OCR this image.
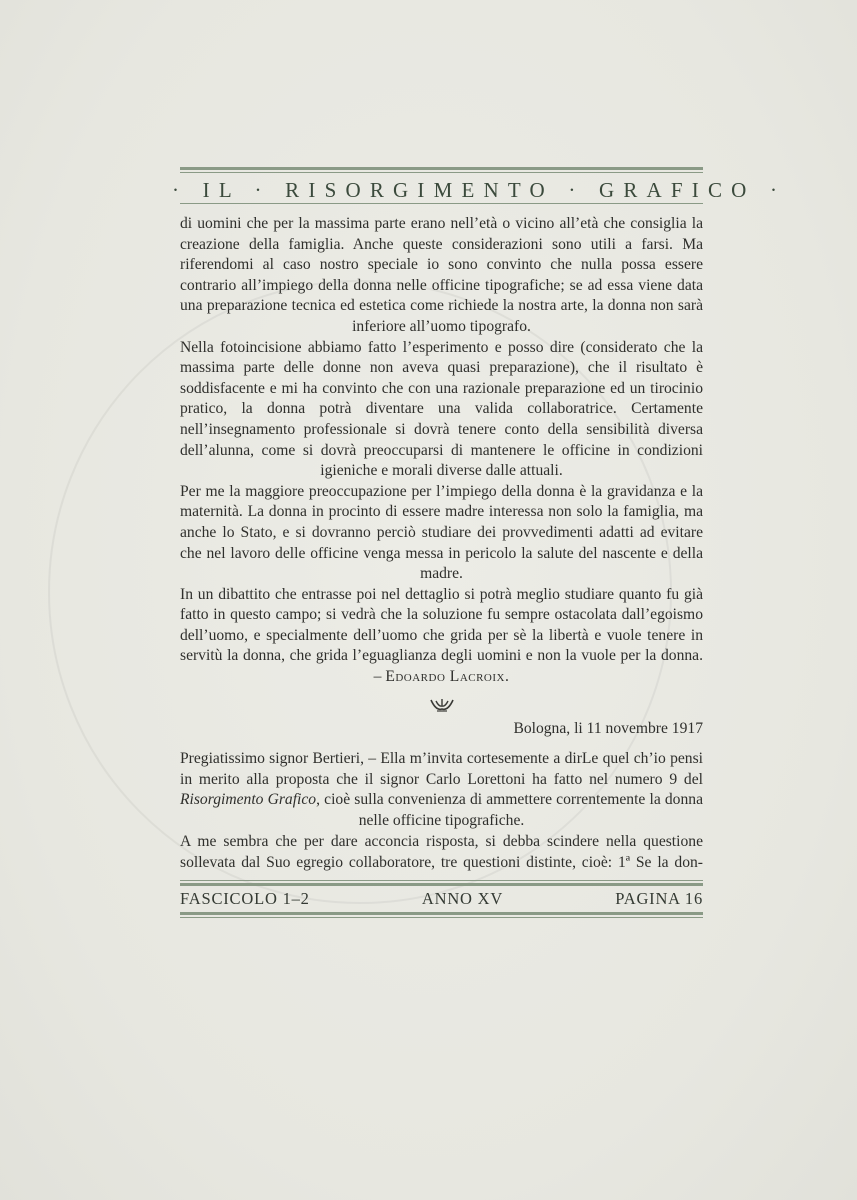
· IL · RISORGIMENTO · GRAFICO ·

di uomini che per la massima parte erano nell’età o vicino all’età che consiglia la creazione della famiglia. Anche queste considerazioni sono utili a farsi. Ma riferendomi al caso nostro speciale io sono convinto che nulla possa essere contrario all’impiego della donna nelle officine tipografiche; se ad essa viene data una preparazione tecnica ed estetica come richiede la nostra arte, la donna non sarà inferiore all’uomo tipografo.

Nella fotoincisione abbiamo fatto l’esperimento e posso dire (considerato che la massima parte delle donne non aveva quasi preparazione), che il risultato è soddisfacente e mi ha convinto che con una razionale preparazione ed un tirocinio pratico, la donna potrà diventare una valida collaboratrice. Certamente nell’insegnamento professionale si dovrà tenere conto della sensibilità diversa dell’alunna, come si dovrà preoccuparsi di mantenere le officine in condizioni igieniche e morali diverse dalle attuali.

Per me la maggiore preoccupazione per l’impiego della donna è la gravidanza e la maternità. La donna in procinto di essere madre interessa non solo la famiglia, ma anche lo Stato, e si dovranno perciò studiare dei provvedimenti adatti ad evitare che nel lavoro delle officine venga messa in pericolo la salute del nascente e della madre.

In un dibattito che entrasse poi nel dettaglio si potrà meglio studiare quanto fu già fatto in questo campo; si vedrà che la soluzione fu sempre ostacolata dall’egoismo dell’uomo, e specialmente dell’uomo che grida per sè la libertà e vuole tenere in servitù la donna, che grida l’eguaglianza degli uomini e non la vuole per la donna. – Edoardo Lacroix.

Bologna, li 11 novembre 1917

Pregiatissimo signor Bertieri, – Ella m’invita cortesemente a dirLe quel ch’io pensi in merito alla proposta che il signor Carlo Lorettoni ha fatto nel numero 9 del Risorgimento Grafico, cioè sulla convenienza di ammettere correntemente la donna nelle officine tipografiche.

A me sembra che per dare acconcia risposta, si debba scindere nella questione sollevata dal Suo egregio collaboratore, tre questioni distinte, cioè: 1ª Se la don-

FASCICOLO 1–2	ANNO XV	PAGINA 16
